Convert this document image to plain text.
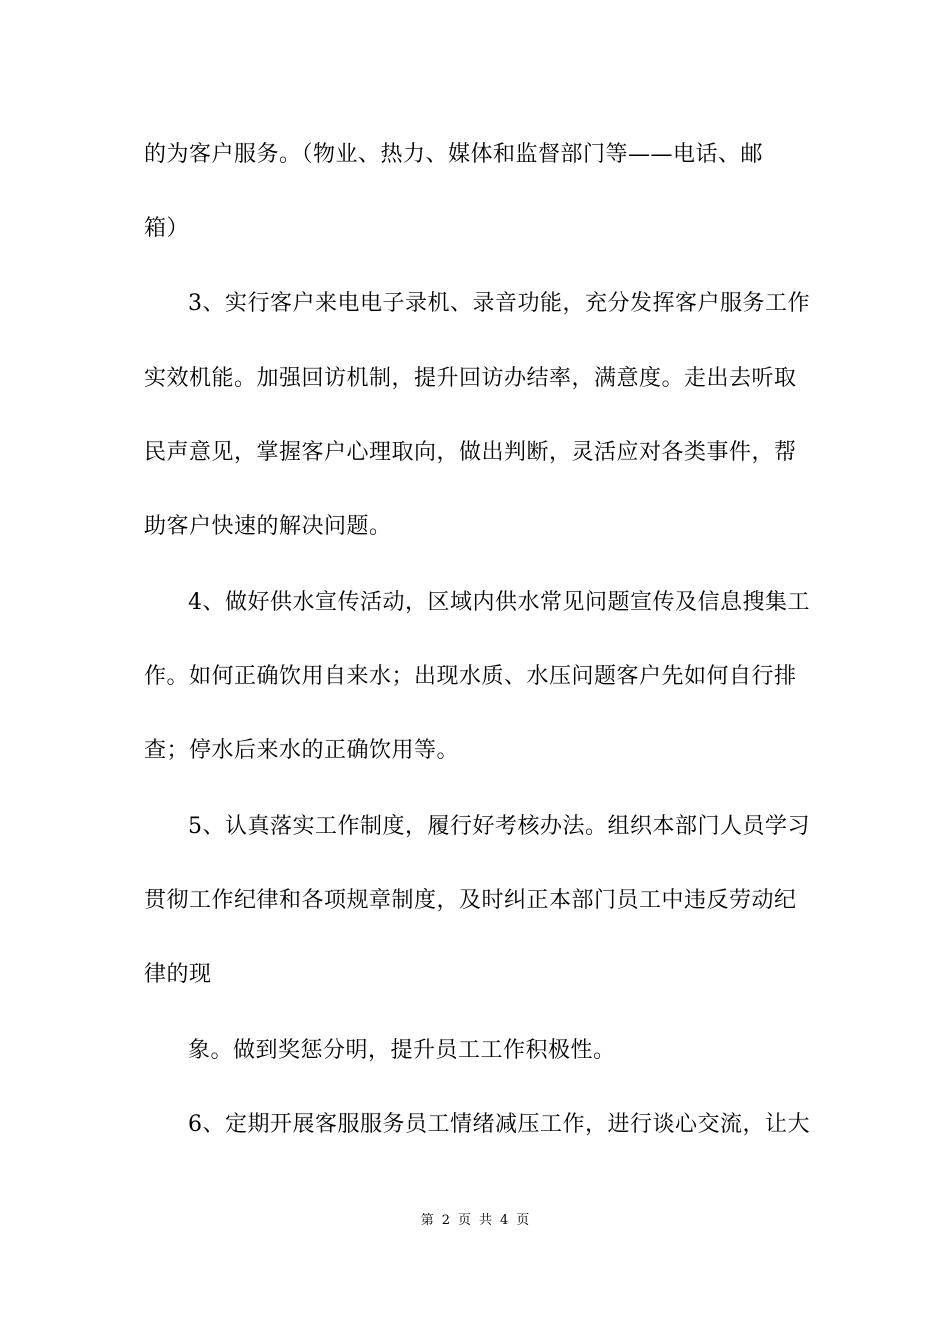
的为客户服务。（物业、热力、媒体和监督部门等——电话、邮
箱）
3、实行客户来电电子录机、录音功能，充分发挥客户服务工作
实效机能。加强回访机制，提升回访办结率，满意度。走出去听取
民声意见，掌握客户心理取向，做出判断，灵活应对各类事件，帮
助客户快速的解决问题。
4、做好供水宣传活动，区域内供水常见问题宣传及信息搜集工
作。如何正确饮用自来水；出现水质、水压问题客户先如何自行排
查；停水后来水的正确饮用等。
5、认真落实工作制度，履行好考核办法。组织本部门人员学习
贯彻工作纪律和各项规章制度，及时纠正本部门员工中违反劳动纪
律的现
象。做到奖惩分明，提升员工工作积极性。
6、定期开展客服服务员工情绪减压工作，进行谈心交流，让大
第 2 页 共 4 页
